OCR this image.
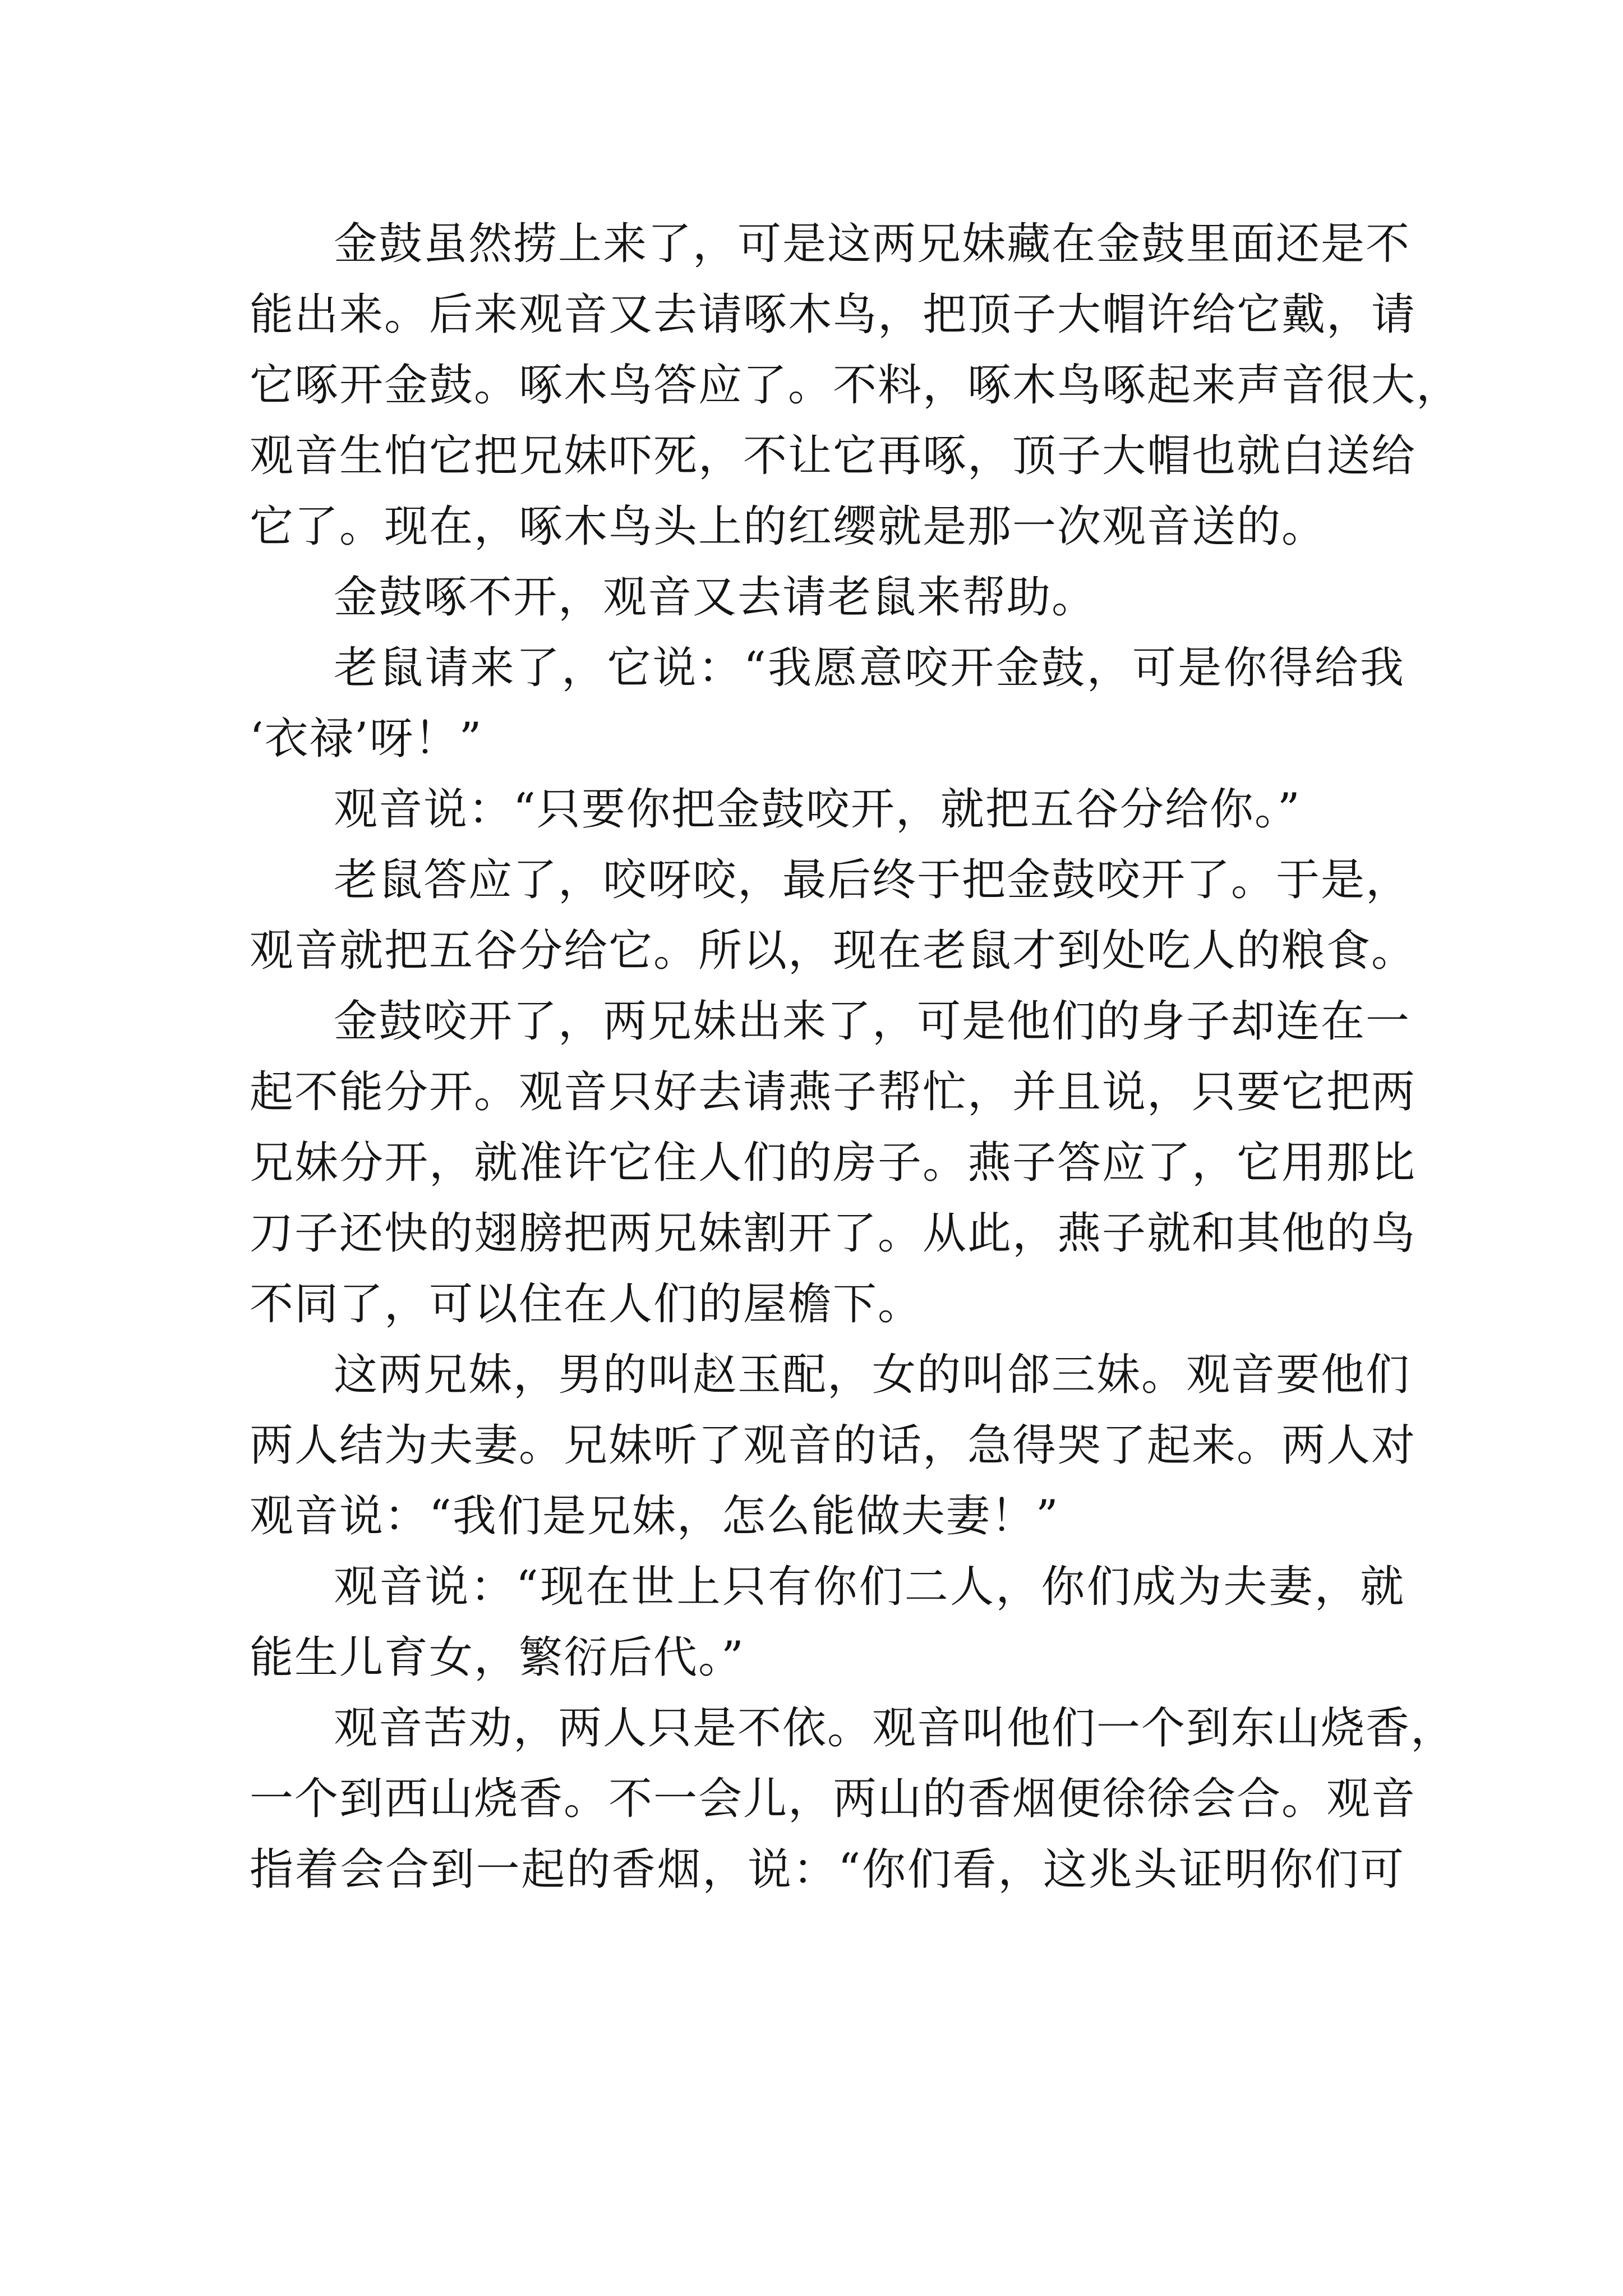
金鼓虽然捞上来了，可是这两兄妹藏在金鼓里面还是不
能出来。后来观音又去请啄木鸟，把顶子大帽许给它戴，请
它啄开金鼓。啄木鸟答应了。不料，啄木鸟啄起来声音很大，
观音生怕它把兄妹吓死，不让它再啄，顶子大帽也就白送给
它了。现在，啄木鸟头上的红缨就是那一次观音送的。
金鼓啄不开，观音又去请老鼠来帮助。
老鼠请来了，它说：“我愿意咬开金鼓，可是你得给我
‘衣禄’呀！”
观音说：“只要你把金鼓咬开，就把五谷分给你。”
老鼠答应了，咬呀咬，最后终于把金鼓咬开了。于是，
观音就把五谷分给它。所以，现在老鼠才到处吃人的粮食。
金鼓咬开了，两兄妹出来了，可是他们的身子却连在一
起不能分开。观音只好去请燕子帮忙，并且说，只要它把两
兄妹分开，就准许它住人们的房子。燕子答应了，它用那比
刀子还快的翅膀把两兄妹割开了。从此，燕子就和其他的鸟
不同了，可以住在人们的屋檐下。
这两兄妹，男的叫赵玉配，女的叫郃三妹。观音要他们
两人结为夫妻。兄妹听了观音的话，急得哭了起来。两人对
观音说：“我们是兄妹，怎么能做夫妻！”
观音说：“现在世上只有你们二人，你们成为夫妻，就
能生儿育女，繁衍后代。”
观音苦劝，两人只是不依。观音叫他们一个到东山烧香，
一个到西山烧香。不一会儿，两山的香烟便徐徐会合。观音
指着会合到一起的香烟，说：“你们看，这兆头证明你们可
